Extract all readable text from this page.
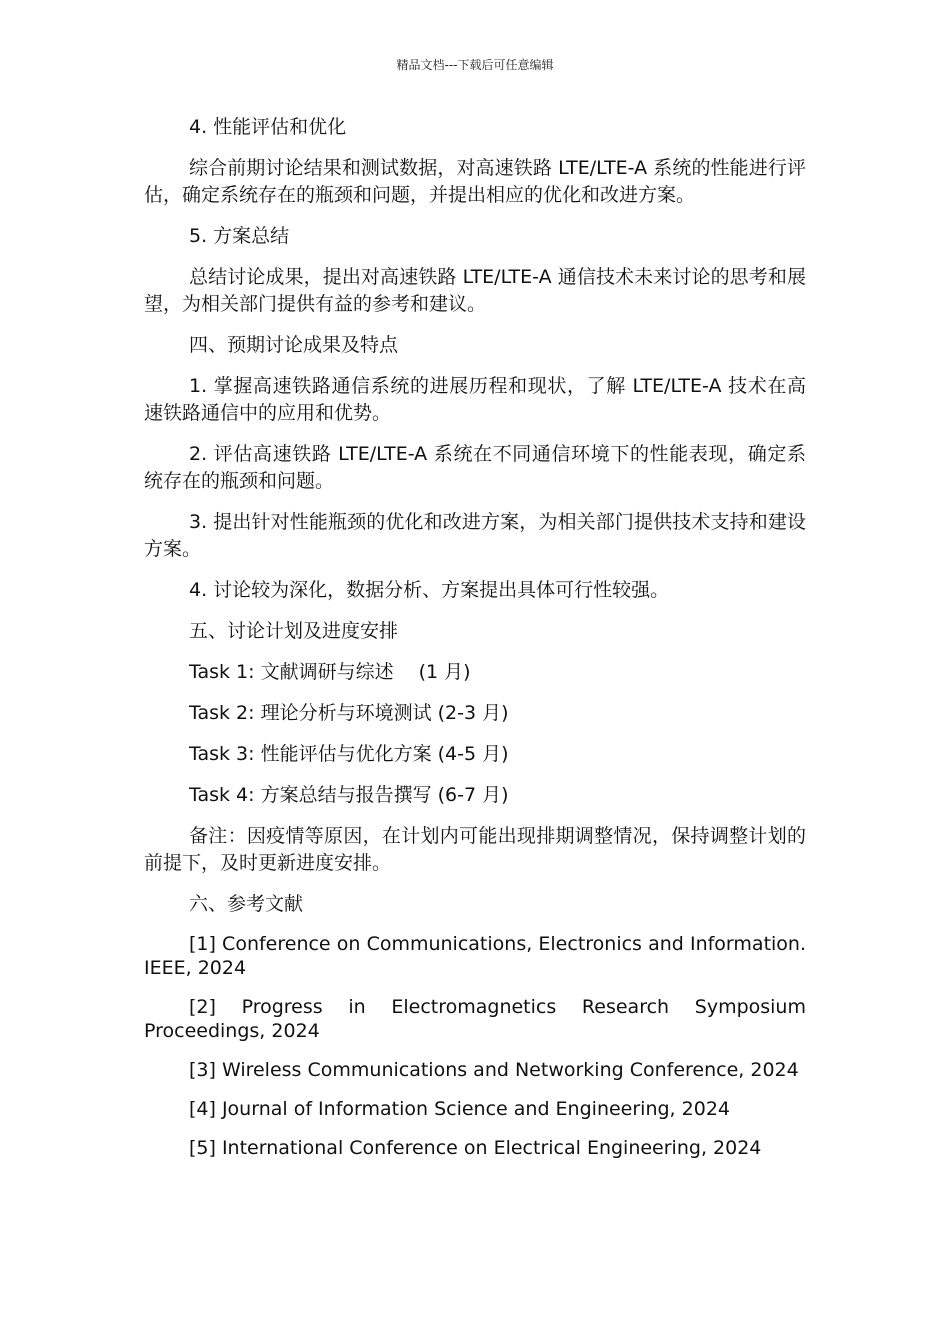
精品文档---下载后可任意编辑

4. 性能评估和优化

综合前期讨论结果和测试数据，对高速铁路 LTE/LTE-A 系统的性能进行评估，确定系统存在的瓶颈和问题，并提出相应的优化和改进方案。

5. 方案总结

总结讨论成果，提出对高速铁路 LTE/LTE-A 通信技术未来讨论的思考和展望，为相关部门提供有益的参考和建议。

四、预期讨论成果及特点

1. 掌握高速铁路通信系统的进展历程和现状，了解 LTE/LTE-A 技术在高速铁路通信中的应用和优势。

2. 评估高速铁路 LTE/LTE-A 系统在不同通信环境下的性能表现，确定系统存在的瓶颈和问题。

3. 提出针对性能瓶颈的优化和改进方案，为相关部门提供技术支持和建设方案。

4. 讨论较为深化，数据分析、方案提出具体可行性较强。

五、讨论计划及进度安排

Task 1: 文献调研与综述　 (1 月)

Task 2: 理论分析与环境测试 (2-3 月)

Task 3: 性能评估与优化方案 (4-5 月)

Task 4: 方案总结与报告撰写 (6-7 月)

备注：因疫情等原因，在计划内可能出现排期调整情况，保持调整计划的前提下，及时更新进度安排。

六、参考文献

[1] Conference on Communications, Electronics and Information. IEEE, 2024

[2] Progress in Electromagnetics Research Symposium Proceedings, 2024

[3] Wireless Communications and Networking Conference, 2024

[4] Journal of Information Science and Engineering, 2024

[5] International Conference on Electrical Engineering, 2024
